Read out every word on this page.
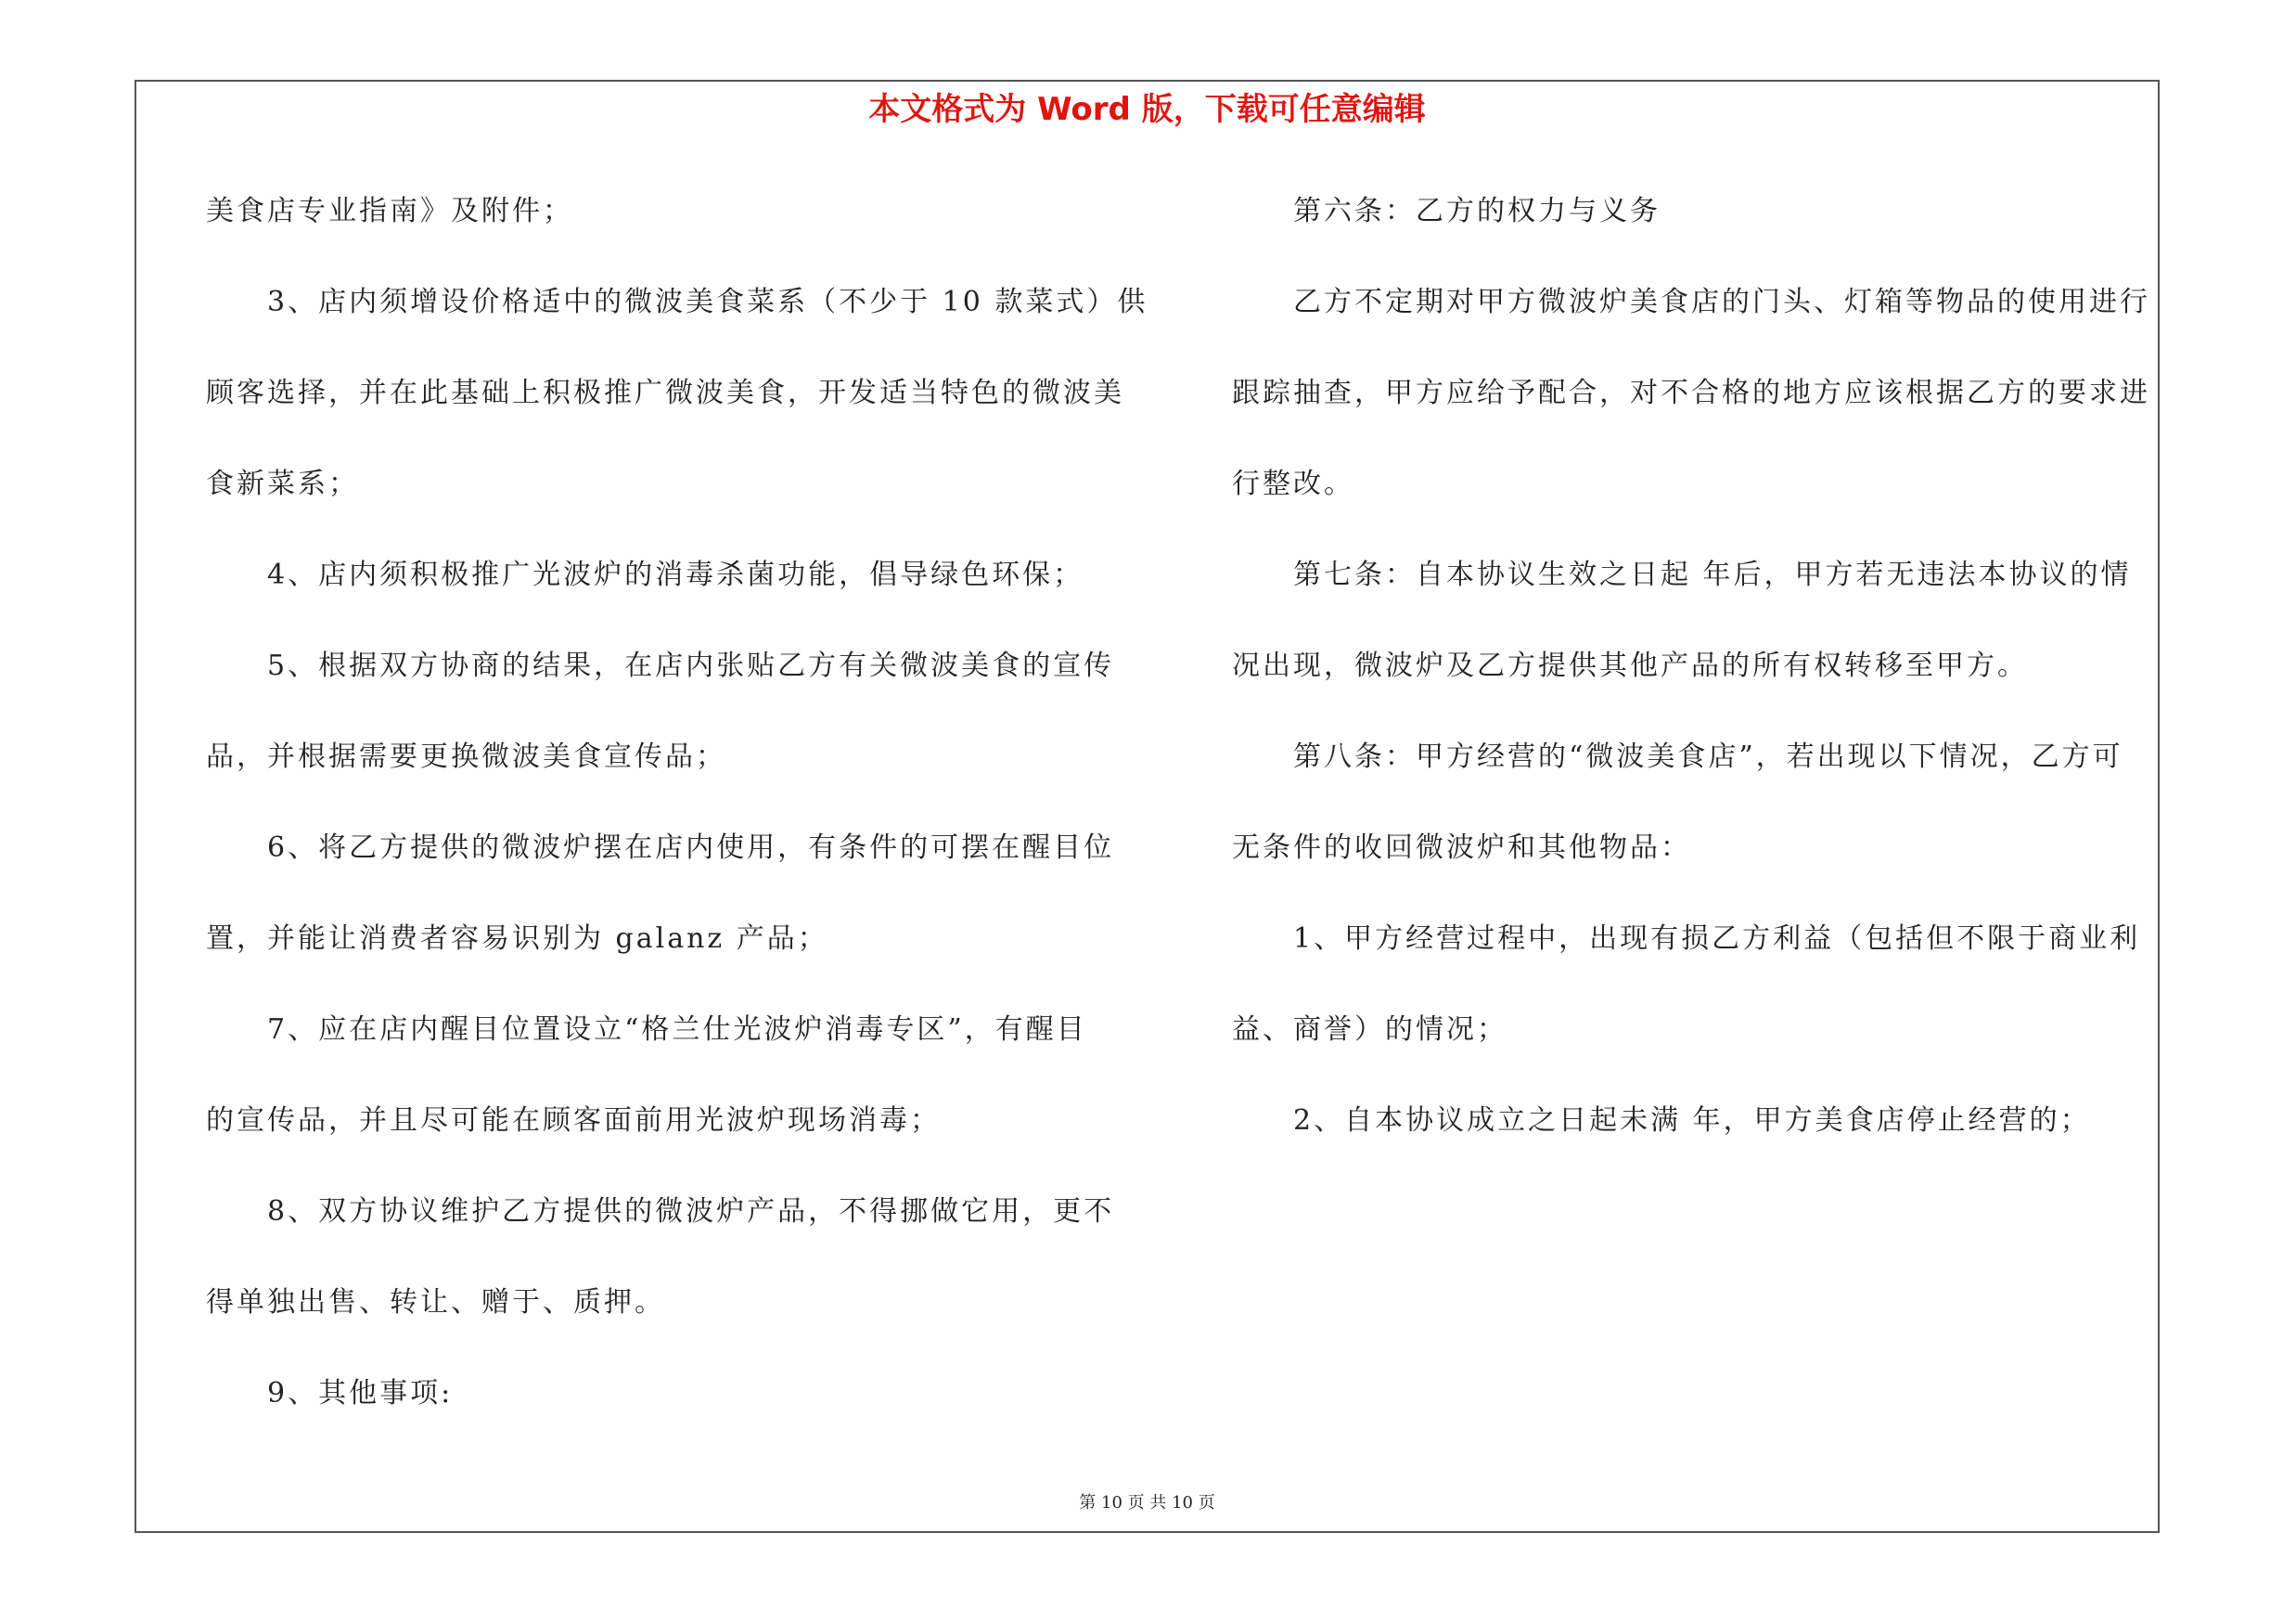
本文格式为 Word 版，下载可任意编辑
美食店专业指南》及附件；
3、店内须增设价格适中的微波美食菜系（不少于 10 款菜式）供
顾客选择，并在此基础上积极推广微波美食，开发适当特色的微波美
食新菜系；
4、店内须积极推广光波炉的消毒杀菌功能，倡导绿色环保；
5、根据双方协商的结果，在店内张贴乙方有关微波美食的宣传
品，并根据需要更换微波美食宣传品；
6、将乙方提供的微波炉摆在店内使用，有条件的可摆在醒目位
置，并能让消费者容易识别为 galanz 产品；
7、应在店内醒目位置设立“格兰仕光波炉消毒专区”，有醒目
的宣传品，并且尽可能在顾客面前用光波炉现场消毒；
8、双方协议维护乙方提供的微波炉产品，不得挪做它用，更不
得单独出售、转让、赠于、质押。
9、其他事项:
第六条：乙方的权力与义务
乙方不定期对甲方微波炉美食店的门头、灯箱等物品的使用进行
跟踪抽查，甲方应给予配合，对不合格的地方应该根据乙方的要求进
行整改。
第七条：自本协议生效之日起 年后，甲方若无违法本协议的情
况出现，微波炉及乙方提供其他产品的所有权转移至甲方。
第八条：甲方经营的“微波美食店”，若出现以下情况，乙方可
无条件的收回微波炉和其他物品：
1、甲方经营过程中，出现有损乙方利益（包括但不限于商业利
益、商誉）的情况；
2、自本协议成立之日起未满 年，甲方美食店停止经营的；
第 10 页 共 10 页
